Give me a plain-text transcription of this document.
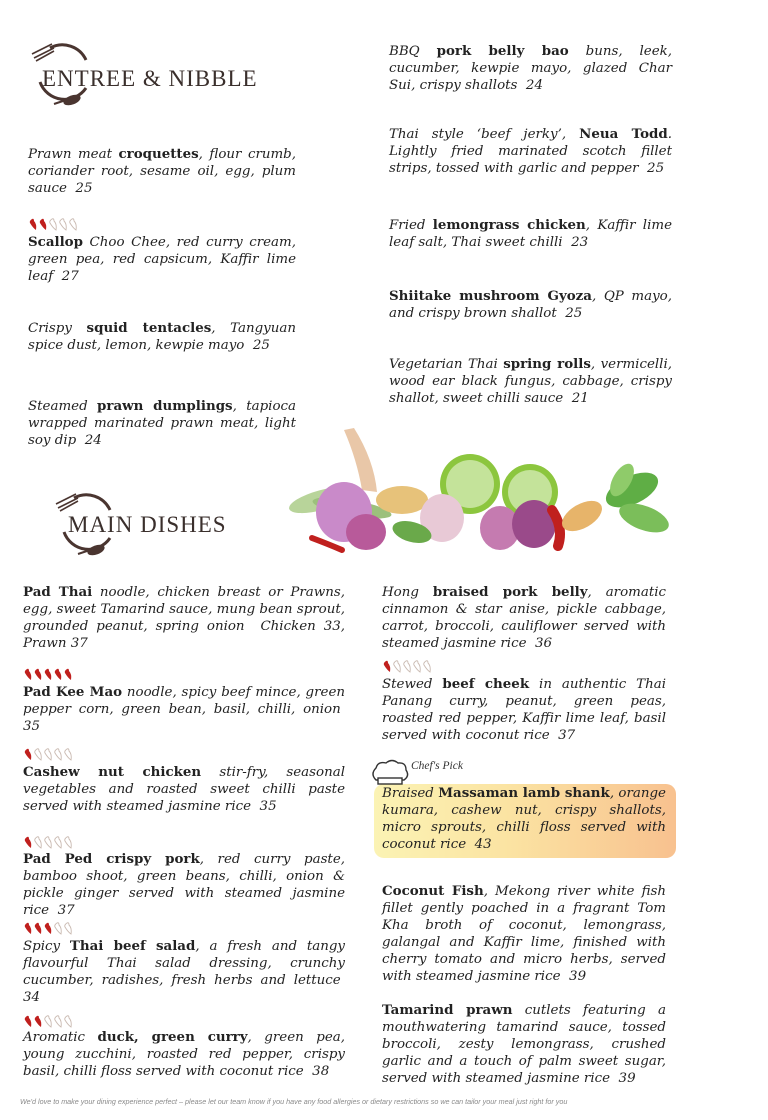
ENTREE & NIBBLE
MAIN DISHES
Chef's Pick
Prawn meat croquettes, flour crumb, coriander root, sesame oil, egg, plum sauce  25
Scallop Choo Chee, red curry cream, green pea, red capsicum, Kaffir lime leaf  27
Crispy squid tentacles, Tangyuan spice dust, lemon, kewpie mayo  25
Steamed prawn dumplings, tapioca wrapped marinated prawn meat, light soy dip  24
BBQ pork belly bao buns, leek, cucumber, kewpie mayo, glazed Char Sui, crispy shallots  24
Thai style ‘beef jerky’, Neua Todd. Lightly fried marinated scotch fillet strips, tossed with garlic and pepper  25
Fried lemongrass chicken, Kaffir lime leaf salt, Thai sweet chilli  23
Shiitake mushroom Gyoza, QP mayo, and crispy brown shallot  25
Vegetarian Thai spring rolls, vermicelli, wood ear black fungus, cabbage, crispy shallot, sweet chilli sauce  21
Pad Thai noodle, chicken breast or Prawns, egg, sweet Tamarind sauce, mung bean sprout, grounded peanut, spring onion  Chicken 33, Prawn 37
Pad Kee Mao noodle, spicy beef mince, green pepper corn, green bean, basil, chilli, onion  35
Cashew nut chicken stir-fry, seasonal vegetables and roasted sweet chilli paste served with steamed jasmine rice  35
Pad Ped crispy pork, red curry paste, bamboo shoot, green beans, chilli, onion & pickle ginger served with steamed jasmine rice  37
Spicy Thai beef salad, a fresh and tangy flavourful Thai salad dressing, crunchy cucumber, radishes, fresh herbs and lettuce  34
Aromatic duck, green curry, green pea, young zucchini, roasted red pepper, crispy basil, chilli floss served with coconut rice  38
Hong braised pork belly, aromatic cinnamon & star anise, pickle cabbage, carrot, broccoli, cauliflower served with steamed jasmine rice  36
Stewed beef cheek in authentic Thai Panang curry, peanut, green peas, roasted red pepper, Kaffir lime leaf, basil served with coconut rice  37
Braised Massaman lamb shank, orange kumara, cashew nut, crispy shallots, micro sprouts, chilli floss served with coconut rice  43
Coconut Fish, Mekong river white fish fillet gently poached in a fragrant Tom Kha broth of coconut, lemongrass, galangal and Kaffir lime, finished with cherry tomato and micro herbs, served with steamed jasmine rice  39
Tamarind prawn cutlets featuring a mouthwatering tamarind sauce, tossed broccoli, zesty lemongrass, crushed garlic and a touch of palm sweet sugar, served with steamed jasmine rice  39
We'd love to make your dining experience perfect – please let our team know if you have any food allergies or dietary restrictions so we can tailor your meal just right for you
